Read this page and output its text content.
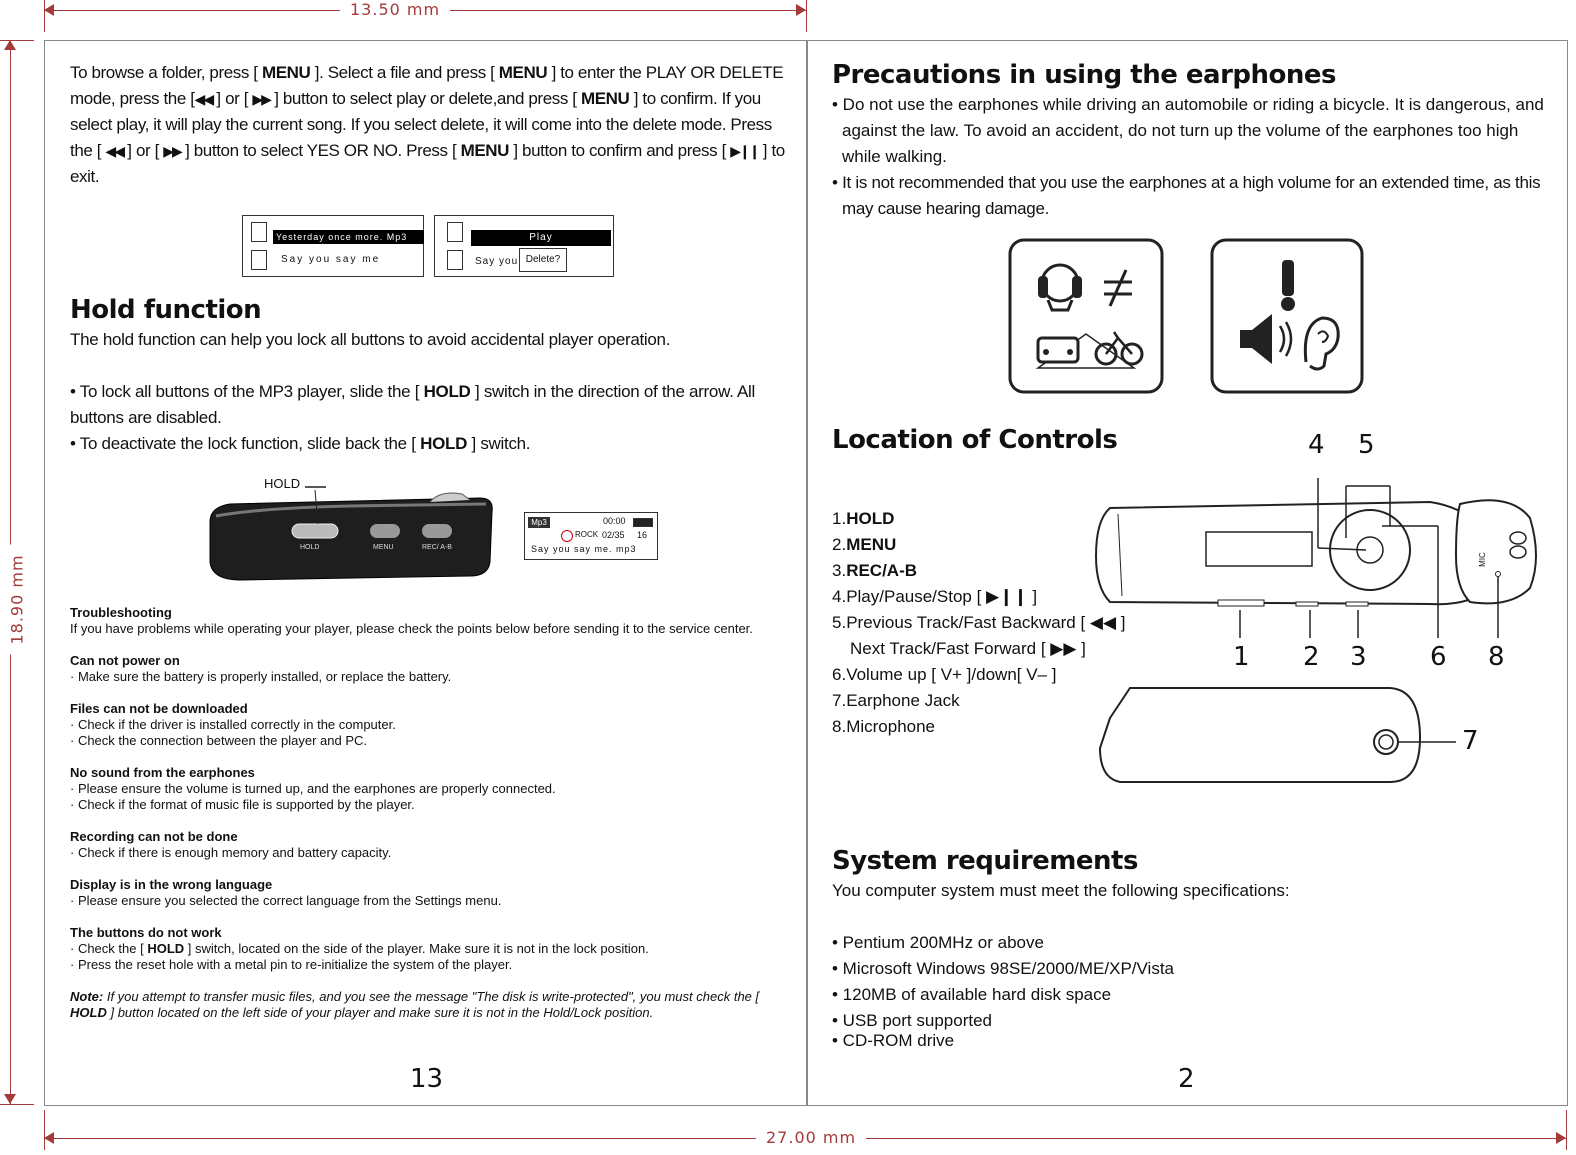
13.50 mm
18.90 mm
27.00 mm

To browse a folder, press [ MENU ]. Select a file and press [ MENU ] to enter the PLAY OR DELETE mode, press the [◀◀ ] or [ ▶▶ ] button to select play or delete,and press [ MENU ] to confirm. If you select play, it will play the current song. If you select delete, it will come into the delete mode. Press the [ ◀◀ ] or [ ▶▶ ] button to select YES OR NO. Press [ MENU ] button to confirm and press [ ▶❙❙ ] to exit.

Yesterday once more. Mp3
Say you say me
Play
Say you Delete?
Hold function

The hold function can help you lock all buttons to avoid accidental player operation.

• To lock all buttons of the MP3 player, slide the [ HOLD ] switch in the direction of the arrow. All buttons are disabled.

• To deactivate the lock function, slide back the [ HOLD ] switch.

HOLD
HOLD	MENU	REC/ A-B
Mp3	00:00
ROCK 02/35 16
Say you say me. mp3

Troubleshooting

If you have problems while operating your player, please check the points below before sending it to the service center.

Can not power on

· Make sure the battery is properly installed, or replace the battery.

Files can not be downloaded

· Check if the driver is installed correctly in the computer.

· Check the connection between the player and PC.

No sound from the earphones

· Please ensure the volume is turned up, and the earphones are properly connected.

· Check if the format of music file is supported by the player.

Recording can not be done

· Check if there is enough memory and battery capacity.

Display is in the wrong language

· Please ensure you selected the correct language from the Settings menu.

The buttons do not work

· Check the [ HOLD ] switch, located on the side of the player. Make sure it is not in the lock position.

· Press the reset hole with a metal pin to re-initialize the system of the player.

Note: If you attempt to transfer music files, and you see the message "The disk is write-protected", you must check the [ HOLD ] button located on the left side of your player and make sure it is not in the Hold/Lock position.

13
Precautions in using the earphones

• Do not use the earphones while driving an automobile or riding a bicycle. It is dangerous, and against the law. To avoid an accident, do not turn up the volume of the earphones too high while walking.

• It is not recommended that you use the earphones at a high volume for an extended time, as this may cause hearing damage.

Location of Controls

1.HOLD

2.MENU

3.REC/A-B

4.Play/Pause/Stop [ ▶❙❙ ]

5.Previous Track/Fast Backward [ ◀◀ ]

Next Track/Fast Forward [ ▶▶ ]

6.Volume up [ V+ ]/down[ V– ]

7.Earphone Jack

8.Microphone

MIC
1 2 3
4 5
6 8
7
System requirements

You computer system must meet the following specifications:

• Pentium 200MHz or above

• Microsoft Windows 98SE/2000/ME/XP/Vista

• 120MB of available hard disk space

• USB port supported

• CD-ROM drive

2
